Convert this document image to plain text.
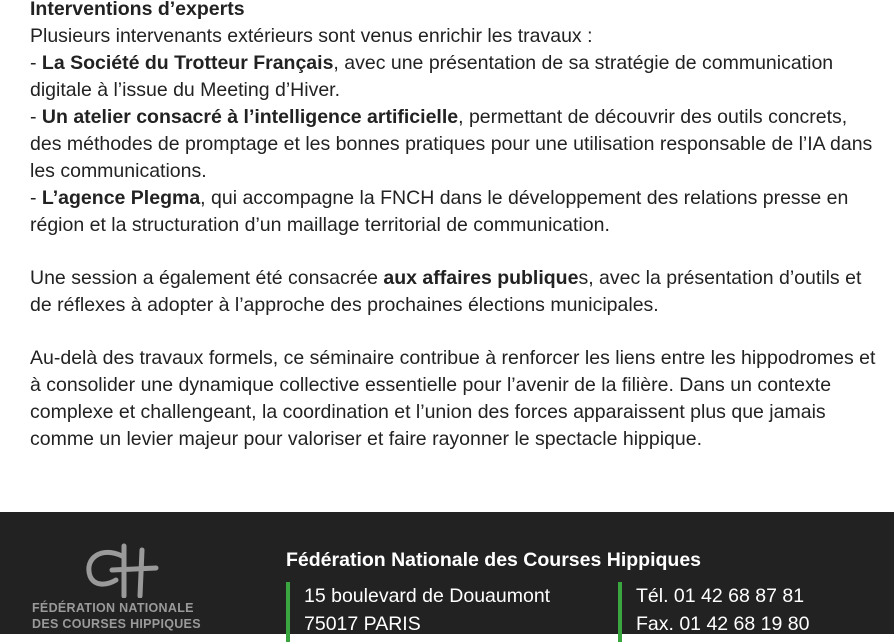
Interventions d’experts

Plusieurs intervenants extérieurs sont venus enrichir les travaux :

- La Société du Trotteur Français, avec une présentation de sa stratégie de communication digitale à l’issue du Meeting d’Hiver.

- Un atelier consacré à l’intelligence artificielle, permettant de découvrir des outils concrets, des méthodes de promptage et les bonnes pratiques pour une utilisation responsable de l’IA dans les communications.

- L’agence Plegma, qui accompagne la FNCH dans le développement des relations presse en région et la structuration d’un maillage territorial de communication.

Une session a également été consacrée aux affaires publiques, avec la présentation d’outils et de réflexes à adopter à l’approche des prochaines élections municipales.

Au-delà des travaux formels, ce séminaire contribue à renforcer les liens entre les hippodromes et à consolider une dynamique collective essentielle pour l’avenir de la filière. Dans un contexte complexe et challengeant, la coordination et l’union des forces apparaissent plus que jamais comme un levier majeur pour valoriser et faire rayonner le spectacle hippique.

FÉDÉRATION NATIONALE
DES COURSES HIPPIQUES
Fédération Nationale des Courses Hippiques
15 boulevard de Douaumont
75017 PARIS
Tél. 01 42 68 87 81
Fax. 01 42 68 19 80
